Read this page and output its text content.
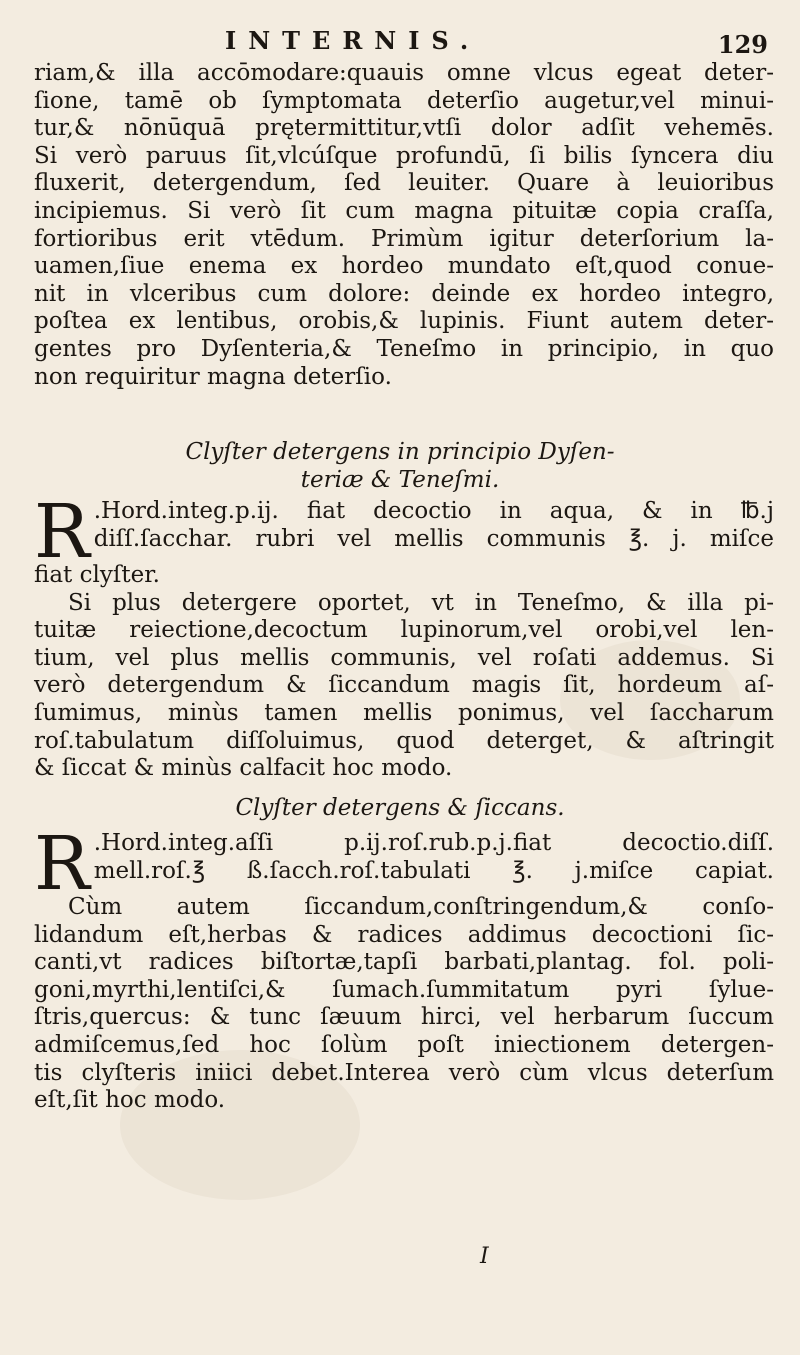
INTERNIS.	129
riam,& illa accōmodare:quauis omne vlcus egeat deter-
ſione, tamē ob ſymptomata deterſio augetur,vel minui-
tur,& nōnūquā prętermittitur,vtſi dolor adſit vehemēs.
Si verò paruus ſit,vlcúſque profundū, ſi bilis ſyncera diu
fluxerit, detergendum, ſed leuiter. Quare à leuioribus
incipiemus. Si verò ſit cum magna pituitæ copia craſſa,
fortioribus erit vtēdum. Primùm igitur deterſorium la-
uamen,ſiue enema ex hordeo mundato eſt,quod conue-
nit in vlceribus cum dolore: deinde ex hordeo integro,
poſtea ex lentibus, orobis,& lupinis. Fiunt autem deter-
gentes pro Dyſenteria,& Teneſmo in principio, in quo
non requiritur magna deterſio.
Clyſter detergens in principio Dyſen-
teriæ & Teneſmi.
R .Hord.integ.p.ij. fiat decoctio in aqua, & in ℔.j
diſſ.ſacchar. rubri vel mellis communis ℥. j. miſce
fiat clyſter.
Si plus detergere oportet, vt in Teneſmo, & illa pi-
tuitæ reiectione,decoctum lupinorum,vel orobi,vel len-
tium, vel plus mellis communis, vel roſati addemus. Si
verò detergendum & ſiccandum magis ſit, hordeum aſ-
ſumimus, minùs tamen mellis ponimus, vel ſaccharum
roſ.tabulatum diſſoluimus, quod deterget, & aſtringit
& ſiccat & minùs calfacit hoc modo.
Clyſter detergens & ſiccans.
R .Hord.integ.aſſi p.ij.roſ.rub.p.j.fiat decoctio.diſſ.
mell.roſ.℥ ß.ſacch.roſ.tabulati ℥. j.miſce capiat.
Cùm autem ſiccandum,conſtringendum,& conſo-
lidandum eſt,herbas & radices addimus decoctioni ſic-
canti,vt radices biſtortæ,tapſi barbati,plantag. fol. poli-
goni,myrthi,lentiſci,& ſumach.ſummitatum pyri ſylue-
ſtris,quercus: & tunc ſæuum hirci, vel herbarum ſuccum
admiſcemus,ſed hoc ſolùm poſt iniectionem detergen-
tis clyſteris iniici debet.Interea verò cùm vlcus deterſum
eſt,ſit hoc modo.
I
